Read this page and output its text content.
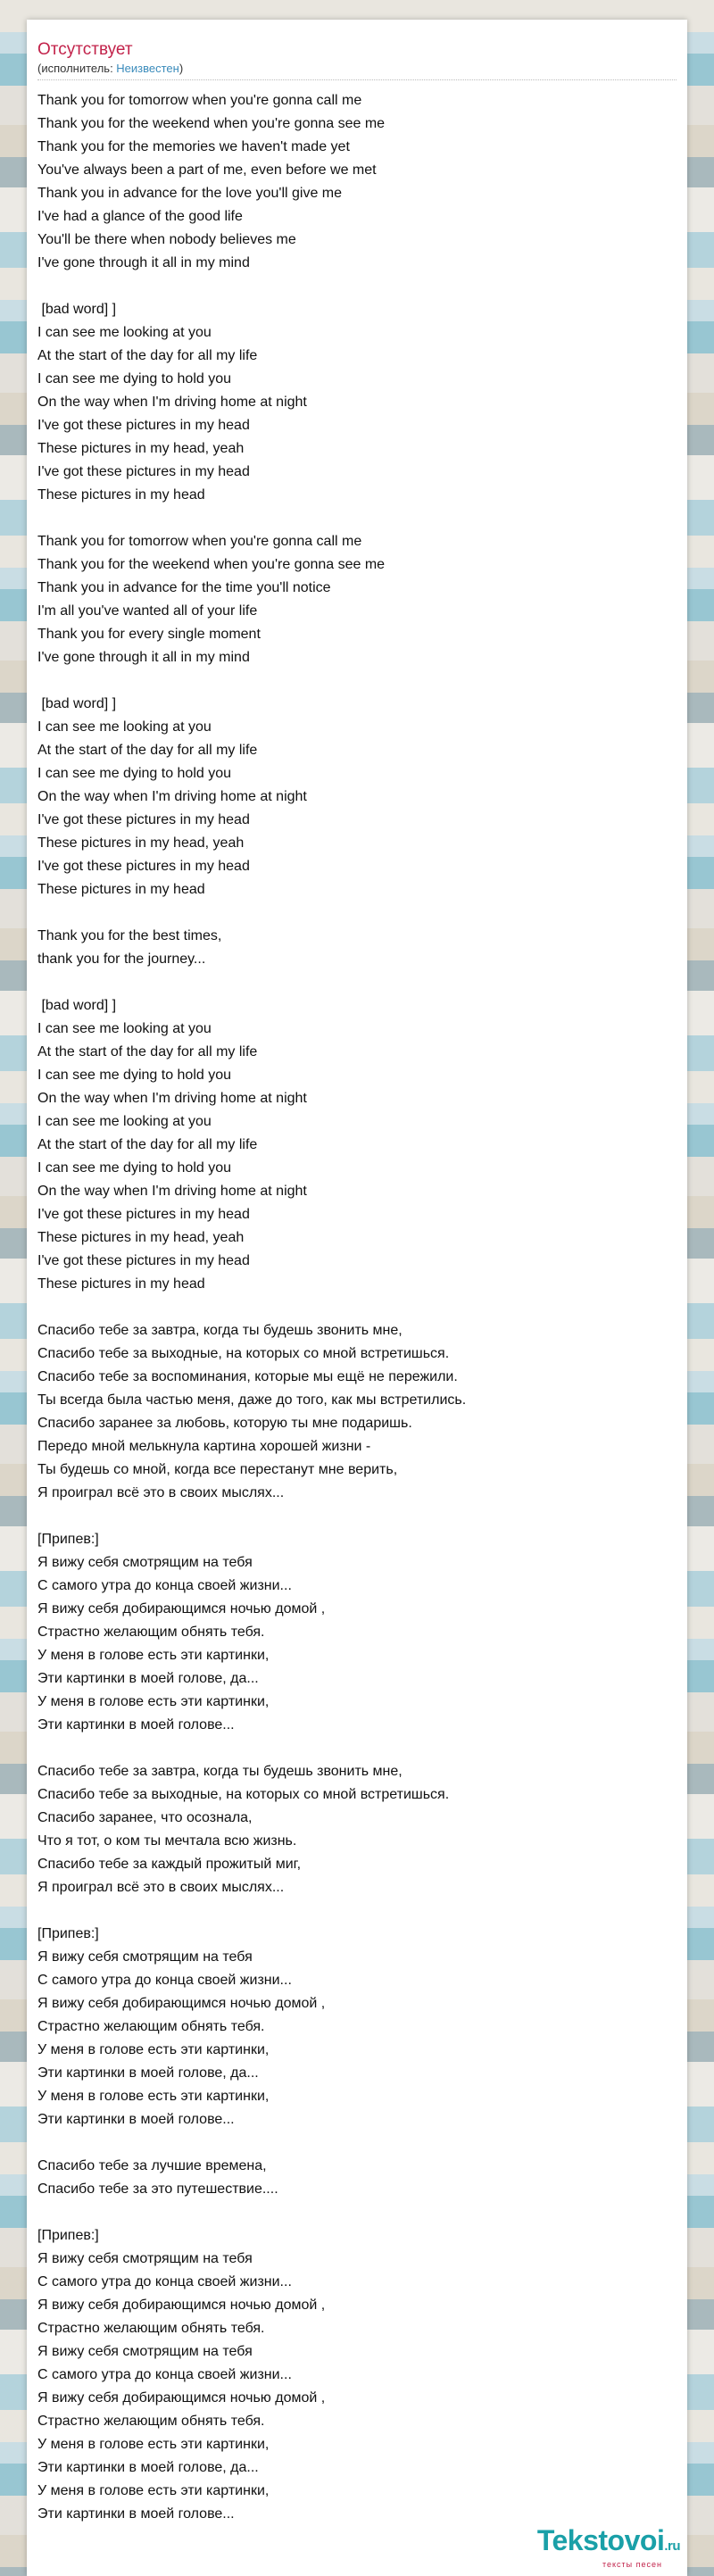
Отсутствует
(исполнитель: Неизвестен)
Thank you for tomorrow when you're gonna call me
Thank you for the weekend when you're gonna see me
Thank you for the memories we haven't made yet
You've always been a part of me, even before we met
Thank you in advance for the love you'll give me
I've had a glance of the good life
You'll be there when nobody believes me
I've gone through it all in my mind
[bad word] ]
I can see me looking at you
At the start of the day for all my life
I can see me dying to hold you
On the way when I'm driving home at night
I've got these pictures in my head
These pictures in my head, yeah
I've got these pictures in my head
These pictures in my head
Thank you for tomorrow when you're gonna call me
Thank you for the weekend when you're gonna see me
Thank you in advance for the time you'll notice
I'm all you've wanted all of your life
Thank you for every single moment
I've gone through it all in my mind
[bad word] ]
I can see me looking at you
At the start of the day for all my life
I can see me dying to hold you
On the way when I'm driving home at night
I've got these pictures in my head
These pictures in my head, yeah
I've got these pictures in my head
These pictures in my head
Thank you for the best times,
thank you for the journey...
[bad word] ]
I can see me looking at you
At the start of the day for all my life
I can see me dying to hold you
On the way when I'm driving home at night
I can see me looking at you
At the start of the day for all my life
I can see me dying to hold you
On the way when I'm driving home at night
I've got these pictures in my head
These pictures in my head, yeah
I've got these pictures in my head
These pictures in my head
Спасибо тебе за завтра, когда ты будешь звонить мне,
Спасибо тебе за выходные, на которых со мной встретишься.
Спасибо тебе за воспоминания, которые мы ещё не пережили.
Ты всегда была частью меня, даже до того, как мы встретились.
Спасибо заранее за любовь, которую ты мне подаришь.
Передо мной мелькнула картина хорошей жизни -
Ты будешь со мной, когда все перестанут мне верить,
Я проиграл всё это в своих мыслях...
[Припев:]
Я вижу себя смотрящим на тебя
С самого утра до конца своей жизни...
Я вижу себя добирающимся ночью домой ,
Страстно желающим обнять тебя.
У меня в голове есть эти картинки,
Эти картинки в моей голове, да...
У меня в голове есть эти картинки,
Эти картинки в моей голове...
Спасибо тебе за завтра, когда ты будешь звонить мне,
Спасибо тебе за выходные, на которых со мной встретишься.
Спасибо заранее, что осознала,
Что я тот, о ком ты мечтала всю жизнь.
Спасибо тебе за каждый прожитый миг,
Я проиграл всё это в своих мыслях...
[Припев:]
Я вижу себя смотрящим на тебя
С самого утра до конца своей жизни...
Я вижу себя добирающимся ночью домой ,
Страстно желающим обнять тебя.
У меня в голове есть эти картинки,
Эти картинки в моей голове, да...
У меня в голове есть эти картинки,
Эти картинки в моей голове...
Спасибо тебе за лучшие времена,
Спасибо тебе за это путешествие....
[Припев:]
Я вижу себя смотрящим на тебя
С самого утра до конца своей жизни...
Я вижу себя добирающимся ночью домой ,
Страстно желающим обнять тебя.
Я вижу себя смотрящим на тебя
С самого утра до конца своей жизни...
Я вижу себя добирающимся ночью домой ,
Страстно желающим обнять тебя.
У меня в голове есть эти картинки,
Эти картинки в моей голове, да...
У меня в голове есть эти картинки,
Эти картинки в моей голове...
Tekstovoi.ru
тексты песен
